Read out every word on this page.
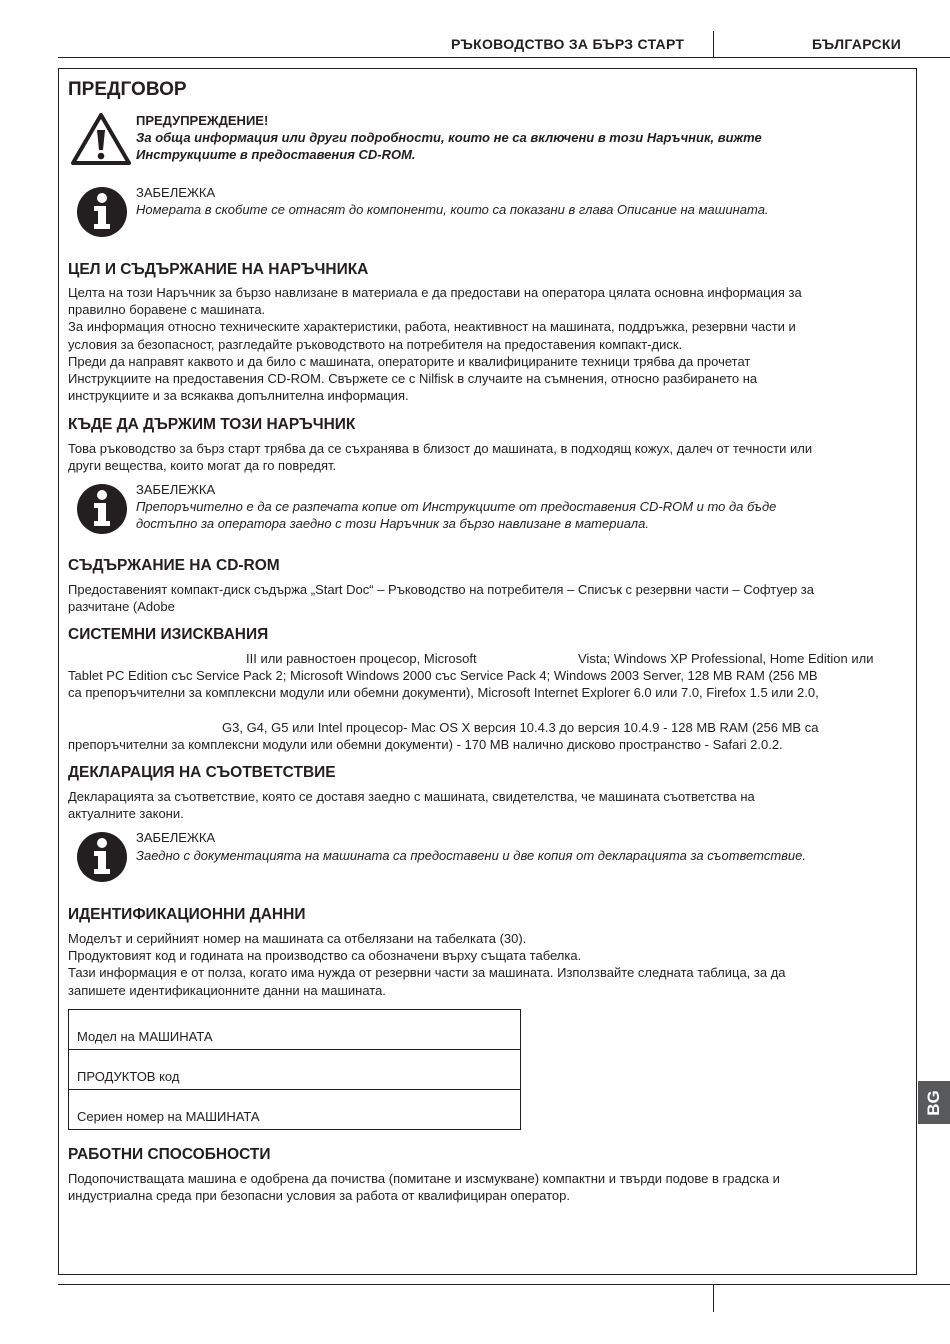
РЪКОВОДСТВО ЗА БЪРЗ СТАРТ	БЪЛГАРСКИ
BG
ПРЕДГОВОР
ПРЕДУПРЕЖДЕНИЕ!
За обща информация или други подробности, които не са включени в този Наръчник, вижте
Инструкциите в предоставения CD-ROM.
ЗАБЕЛЕЖКА
Номерата в скобите се отнасят до компоненти, които са показани в глава Описание на машината.
ЦЕЛ И СЪДЪРЖАНИЕ НА НАРЪЧНИКА
Целта на този Наръчник за бързо навлизане в материала е да предостави на оператора цялата основна информация за
правилно боравене с машината.
За информация относно техническите характеристики, работа, неактивност на машината, поддръжка, резервни части и
условия за безопасност, разгледайте ръководството на потребителя на предоставения компакт-диск.
Преди да направят каквото и да било с машината, операторите и квалифицираните техници трябва да прочетат
Инструкциите на предоставения CD-ROM. Свържете се с Nilfisk в случаите на съмнения, относно разбирането на
инструкциите и за всякаква допълнителна информация.
КЪДЕ ДА ДЪРЖИМ ТОЗИ НАРЪЧНИК
Това ръководство за бърз старт трябва да се съхранява в близост до машината, в подходящ кожух, далеч от течности или
други вещества, които могат да го повредят.
ЗАБЕЛЕЖКА
Препоръчително е да се разпечата копие от Инструкциите от предоставения CD-ROM и то да бъде
достъпно за оператора заедно с този Наръчник за бързо навлизане в материала.
СЪДЪРЖАНИЕ НА CD-ROM
Предоставеният компакт-диск съдържа „Start Doc“ – Ръководство на потребителя – Списък с резервни части – Софтуер за
разчитане (Adobe
СИСТЕМНИ ИЗИСКВАНИЯ
III или равностоен процесор, Microsoft	Vista; Windows XP Professional, Home Edition или
Tablet PC Edition със Service Pack 2; Microsoft Windows 2000 със Service Pack 4; Windows 2003 Server, 128 MB RAM (256 MB
са препоръчителни за комплексни модули или обемни документи), Microsoft Internet Explorer 6.0 или 7.0, Firefox 1.5 или 2.0,
G3, G4, G5 или Intel процесор- Mac OS X версия 10.4.3 до версия 10.4.9 - 128 MB RAM (256 MB са
препоръчителни за комплексни модули или обемни документи) - 170 MB налично дисково пространство - Safari 2.0.2.
ДЕКЛАРАЦИЯ НА СЪОТВЕТСТВИЕ
Декларацията за съответствие, която се доставя заедно с машината, свидетелства, че машината съответства на
актуалните закони.
ЗАБЕЛЕЖКА
Заедно с документацията на машината са предоставени и две копия от декларацията за съответствие.
ИДЕНТИФИКАЦИОННИ ДАННИ
Моделът и серийният номер на машината са отбелязани на табелката (30).
Продуктовият код и годината на производство са обозначени върху същата табелка.
Тази информация е от полза, когато има нужда от резервни части за машината. Използвайте следната таблица, за да
запишете идентификационните данни на машината.
Модел на МАШИНАТА
ПРОДУКТОВ код
Сериен номер на МАШИНАТА
РАБОТНИ СПОСОБНОСТИ
Подопочистващата машина е одобрена да почиства (помитане и изсмукване) компактни и твърди подове в градска и
индустриална среда при безопасни условия за работа от квалифициран оператор.
